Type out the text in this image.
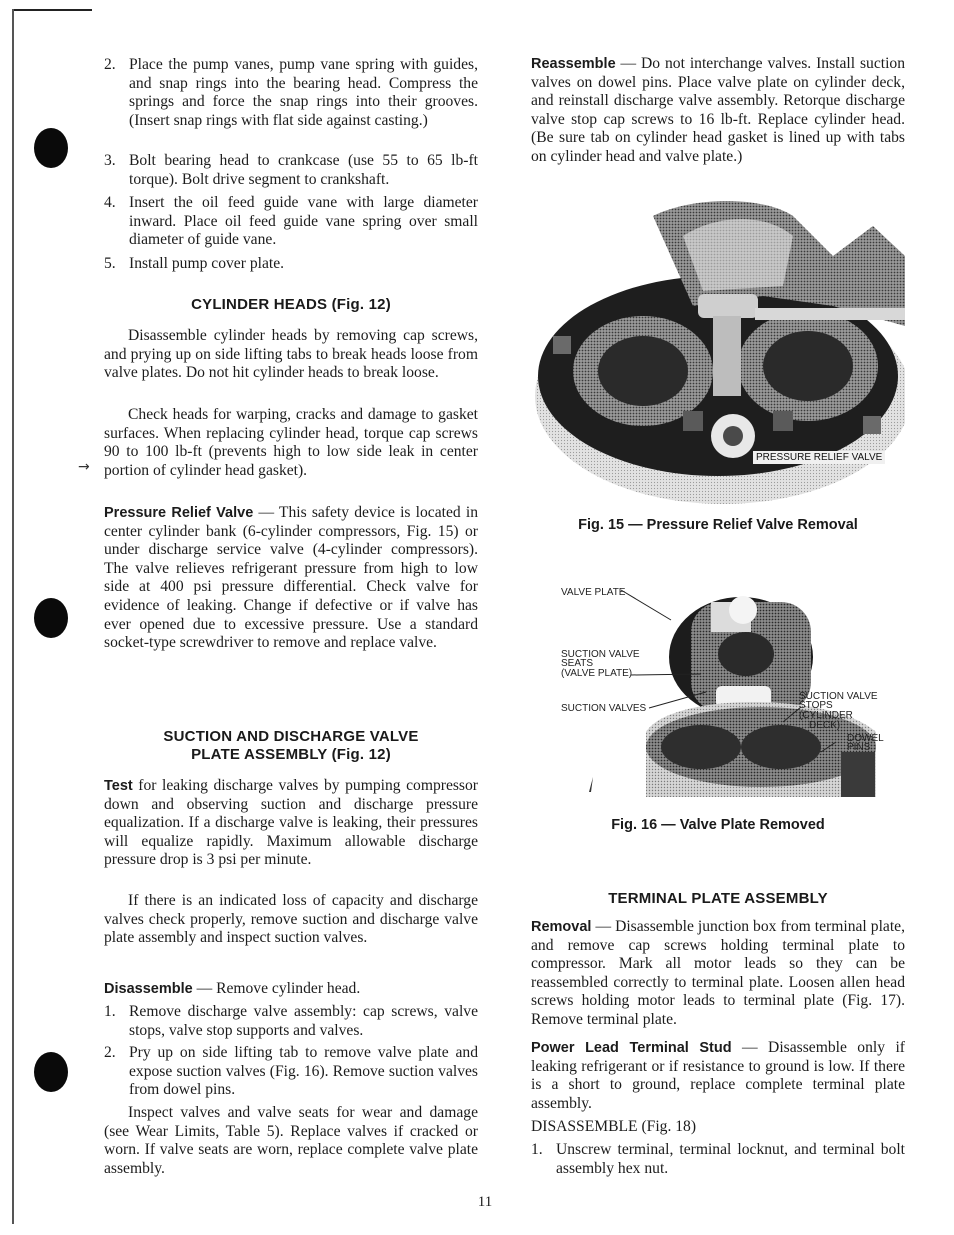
→
2. Place the pump vanes, pump vane spring with guides, and snap rings into the bearing head. Compress the springs and force the snap rings into their grooves. (Insert snap rings with flat side against casting.)
3. Bolt bearing head to crankcase (use 55 to 65 lb-ft torque). Bolt drive segment to crankshaft.
4. Insert the oil feed guide vane with large diameter inward. Place oil feed guide vane spring over small diameter of guide vane.
5. Install pump cover plate.
CYLINDER HEADS (Fig. 12)

Disassemble cylinder heads by removing cap screws, and prying up on side lifting tabs to break heads loose from valve plates. Do not hit cylinder heads to break loose.

Check heads for warping, cracks and damage to gasket surfaces. When replacing cylinder head, torque cap screws 90 to 100 lb-ft (prevents high to low side leak in center portion of cylinder head gasket).

Pressure Relief Valve — This safety device is located in center cylinder bank (6-cylinder compressors, Fig. 15) or under discharge service valve (4-cylinder compressors). The valve relieves refrigerant pressure from high to low side at 400 psi pressure differential. Check valve for evidence of leaking. Change if defective or if valve has ever opened due to excessive pressure. Use a standard socket-type screwdriver to remove and replace valve.

SUCTION AND DISCHARGE VALVE
PLATE ASSEMBLY (Fig. 12)

Test for leaking discharge valves by pumping compressor down and observing suction and discharge pressure equalization. If a discharge valve is leaking, their pressures will equalize rapidly. Maximum allowable discharge pressure drop is 3 psi per minute.

If there is an indicated loss of capacity and discharge valves check properly, remove suction and discharge valve plate assembly and inspect suction valves.

Disassemble — Remove cylinder head.

1. Remove discharge valve assembly: cap screws, valve stops, valve stop supports and valves.
2. Pry up on side lifting tab to remove valve plate and expose suction valves (Fig. 16). Remove suction valves from dowel pins.

Inspect valves and valve seats for wear and damage (see Wear Limits, Table 5). Replace valves if cracked or worn. If valve seats are worn, replace complete valve plate assembly.

Reassemble — Do not interchange valves. Install suction valves on dowel pins. Place valve plate on cylinder deck, and reinstall discharge valve assembly. Retorque discharge valve stop cap screws to 16 lb-ft. Replace cylinder head. (Be sure tab on cylinder head gasket is lined up with tabs on cylinder head and valve plate.)

PRESSURE RELIEF VALVE
Fig. 15 — Pressure Relief Valve Removal
VALVE PLATE
SUCTION VALVE
SEATS
(VALVE PLATE)
SUCTION VALVES
SUCTION VALVE
STOPS
(CYLINDER
DECK)
DOWEL
PINS
Fig. 16 — Valve Plate Removed
TERMINAL PLATE ASSEMBLY

Removal — Disassemble junction box from terminal plate, and remove cap screws holding terminal plate to compressor. Mark all motor leads so they can be reassembled correctly to terminal plate. Loosen allen head screws holding motor leads to terminal plate (Fig. 17). Remove terminal plate.

Power Lead Terminal Stud — Disassemble only if leaking refrigerant or if resistance to ground is low. If there is a short to ground, replace complete terminal plate assembly.

DISASSEMBLE (Fig. 18)

1. Unscrew terminal, terminal locknut, and terminal bolt assembly hex nut.
11
